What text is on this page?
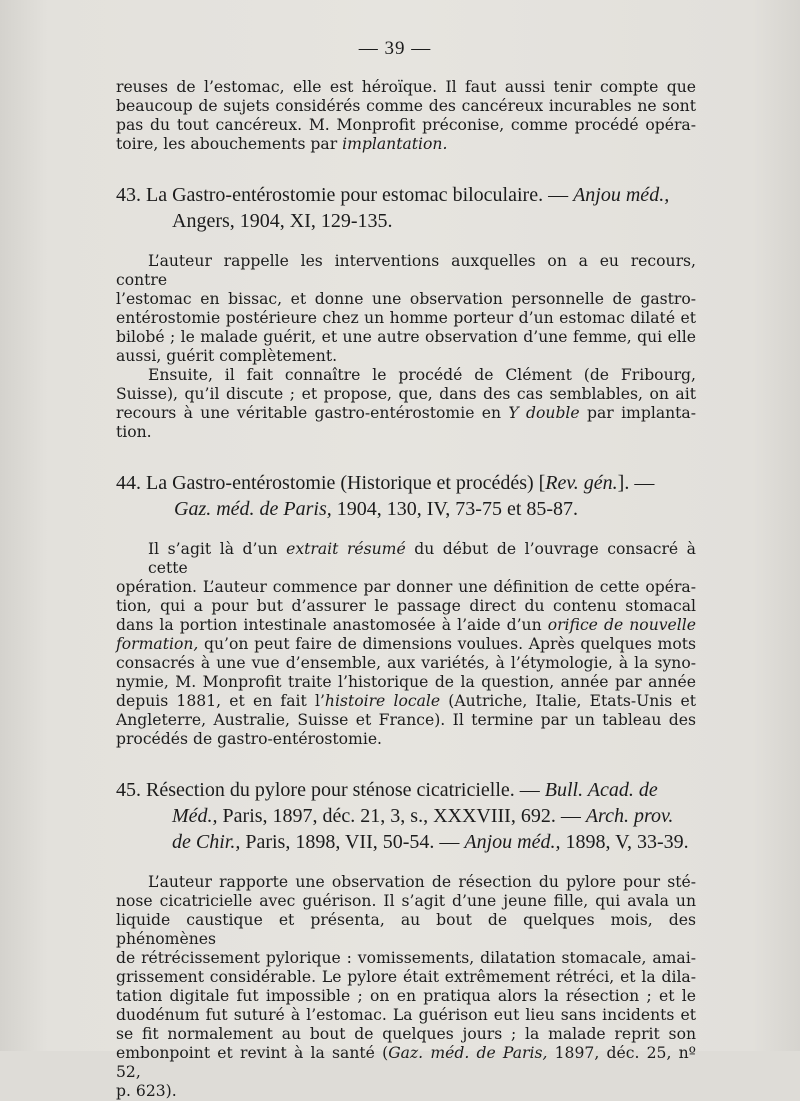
— 39 —

reuses de l’estomac, elle est héroïque. Il faut aussi tenir compte que
beaucoup de sujets considérés comme des cancéreux incurables ne sont
pas du tout cancéreux. M. Monprofit préconise, comme procédé opéra-
toire, les abouchements par implantation.

43. La Gastro-entérostomie pour estomac biloculaire. — Anjou méd.,
Angers, 1904, XI, 129-135.

L’auteur rappelle les interventions auxquelles on a eu recours, contre
l’estomac en bissac, et donne une observation personnelle de gastro-
entérostomie postérieure chez un homme porteur d’un estomac dilaté et
bilobé ; le malade guérit, et une autre observation d’une femme, qui elle
aussi, guérit complètement.

Ensuite, il fait connaître le procédé de Clément (de Fribourg,
Suisse), qu’il discute ; et propose, que, dans des cas semblables, on ait
recours à une véritable gastro-entérostomie en Y double par implanta-
tion.

44. La Gastro-entérostomie (Historique et procédés) [Rev. gén.]. —
Gaz. méd. de Paris, 1904, 130, IV, 73-75 et 85-87.

Il s’agit là d’un extrait résumé du début de l’ouvrage consacré à cette
opération. L’auteur commence par donner une définition de cette opéra-
tion, qui a pour but d’assurer le passage direct du contenu stomacal
dans la portion intestinale anastomosée à l’aide d’un orifice de nouvelle
formation, qu’on peut faire de dimensions voulues. Après quelques mots
consacrés à une vue d’ensemble, aux variétés, à l’étymologie, à la syno-
nymie, M. Monprofit traite l’historique de la question, année par année
depuis 1881, et en fait l’histoire locale (Autriche, Italie, Etats-Unis et
Angleterre, Australie, Suisse et France). Il termine par un tableau des
procédés de gastro-entérostomie.

45. Résection du pylore pour sténose cicatricielle. — Bull. Acad. de
Méd., Paris, 1897, déc. 21, 3, s., XXXVIII, 692. — Arch. prov.
de Chir., Paris, 1898, VII, 50-54. — Anjou méd., 1898, V, 33-39.

L’auteur rapporte une observation de résection du pylore pour sté-
nose cicatricielle avec guérison. Il s’agit d’une jeune fille, qui avala un
liquide caustique et présenta, au bout de quelques mois, des phénomènes
de rétrécissement pylorique : vomissements, dilatation stomacale, amai-
grissement considérable. Le pylore était extrêmement rétréci, et la dila-
tation digitale fut impossible ; on en pratiqua alors la résection ; et le
duodénum fut suturé à l’estomac. La guérison eut lieu sans incidents et
se fit normalement au bout de quelques jours ; la malade reprit son
embonpoint et revint à la santé (Gaz. méd. de Paris, 1897, déc. 25, nº 52,
p. 623).
